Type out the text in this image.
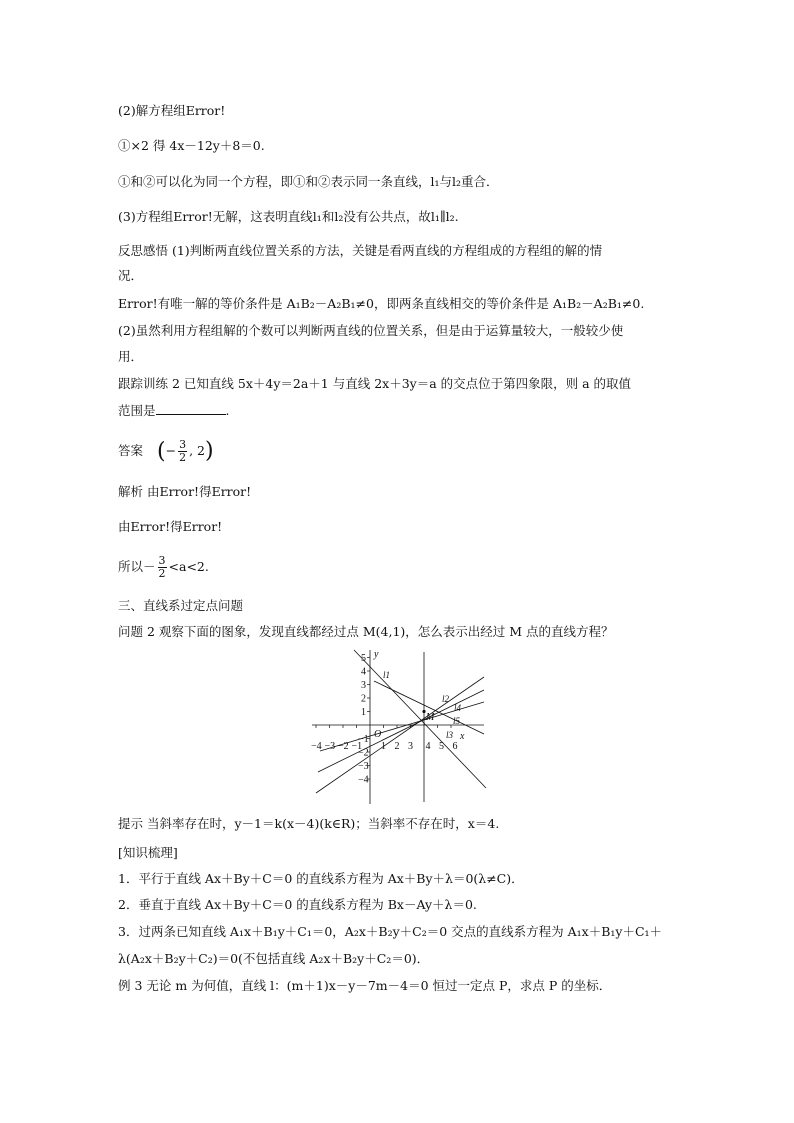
(2)解方程组Error!
①×2 得 4x－12y＋8＝0.
①和②可以化为同一个方程，即①和②表示同一条直线，l₁与l₂重合．
(3)方程组Error!无解，这表明直线l₁和l₂没有公共点，故l₁∥l₂.
反思感悟 (1)判断两直线位置关系的方法，关键是看两直线的方程组成的方程组的解的情
况．
Error!有唯一解的等价条件是 A₁B₂－A₂B₁≠0，即两条直线相交的等价条件是 A₁B₂－A₂B₁≠0.
(2)虽然利用方程组解的个数可以判断两直线的位置关系，但是由于运算量较大，一般较少使
用．
跟踪训练 2 已知直线 5x＋4y＝2a＋1 与直线 2x＋3y＝a 的交点位于第四象限，则 a 的取值
范围是	.
答案 (− $\frac{3}{2}$ , 2)
解析 由Error!得Error!
由Error!得Error!
所以－ $\frac{3}{2} <a<2$.
三、直线系过定点问题
问题 2 观察下面的图象，发现直线都经过点 M(4,1)，怎么表示出经过 M 点的直线方程？
5
4
3
2
1
−1
−2
−3
−4
−4 −3 −2 −1 1 2 3 4 5 6
O
y
x
M
l1
l2
l4
l5
l3
提示 当斜率存在时，y－1＝k(x－4)(k∈R)；当斜率不存在时，x＝4.
[知识梳理]
1．平行于直线 Ax＋By＋C＝0 的直线系方程为 Ax＋By＋λ＝0(λ≠C)．
2．垂直于直线 Ax＋By＋C＝0 的直线系方程为 Bx－Ay＋λ＝0.
3．过两条已知直线 A₁x＋B₁y＋C₁＝0，A₂x＋B₂y＋C₂＝0 交点的直线系方程为 A₁x＋B₁y＋C₁＋
λ(A₂x＋B₂y＋C₂)＝0(不包括直线 A₂x＋B₂y＋C₂＝0)．
例 3 无论 m 为何值，直线 l：(m＋1)x－y－7m－4＝0 恒过一定点 P，求点 P 的坐标．
